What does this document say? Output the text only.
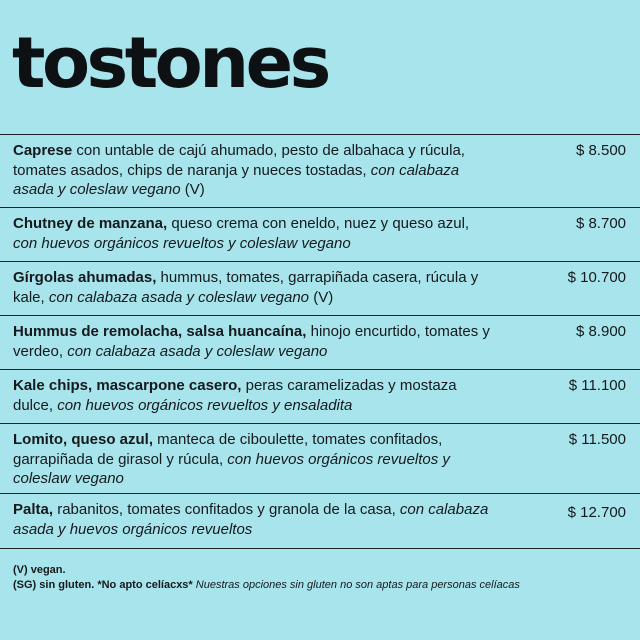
tostones
Caprese con untable de cajú ahumado, pesto de albahaca y rúcula, tomates asados, chips de naranja y nueces tostadas, con calabaza asada y coleslaw vegano (V)
$ 8.500
Chutney de manzana, queso crema con eneldo, nuez y queso azul, con huevos orgánicos revueltos y coleslaw vegano
$ 8.700
Gírgolas ahumadas, hummus, tomates, garrapiñada casera, rúcula y kale, con calabaza asada y coleslaw vegano (V)
$ 10.700
Hummus de remolacha, salsa huancaína, hinojo encurtido, tomates y verdeo, con calabaza asada y coleslaw vegano
$ 8.900
Kale chips, mascarpone casero, peras caramelizadas y mostaza dulce, con huevos orgánicos revueltos y ensaladita
$ 11.100
Lomito, queso azul, manteca de ciboulette, tomates confitados, garrapiñada de girasol y rúcula, con huevos orgánicos revueltos y coleslaw vegano
$ 11.500
Palta, rabanitos, tomates confitados y granola de la casa, con calabaza asada y huevos orgánicos revueltos
$ 12.700
(V) vegan.
(SG) sin gluten. *No apto celíacxs* Nuestras opciones sin gluten no son aptas para personas celíacas
